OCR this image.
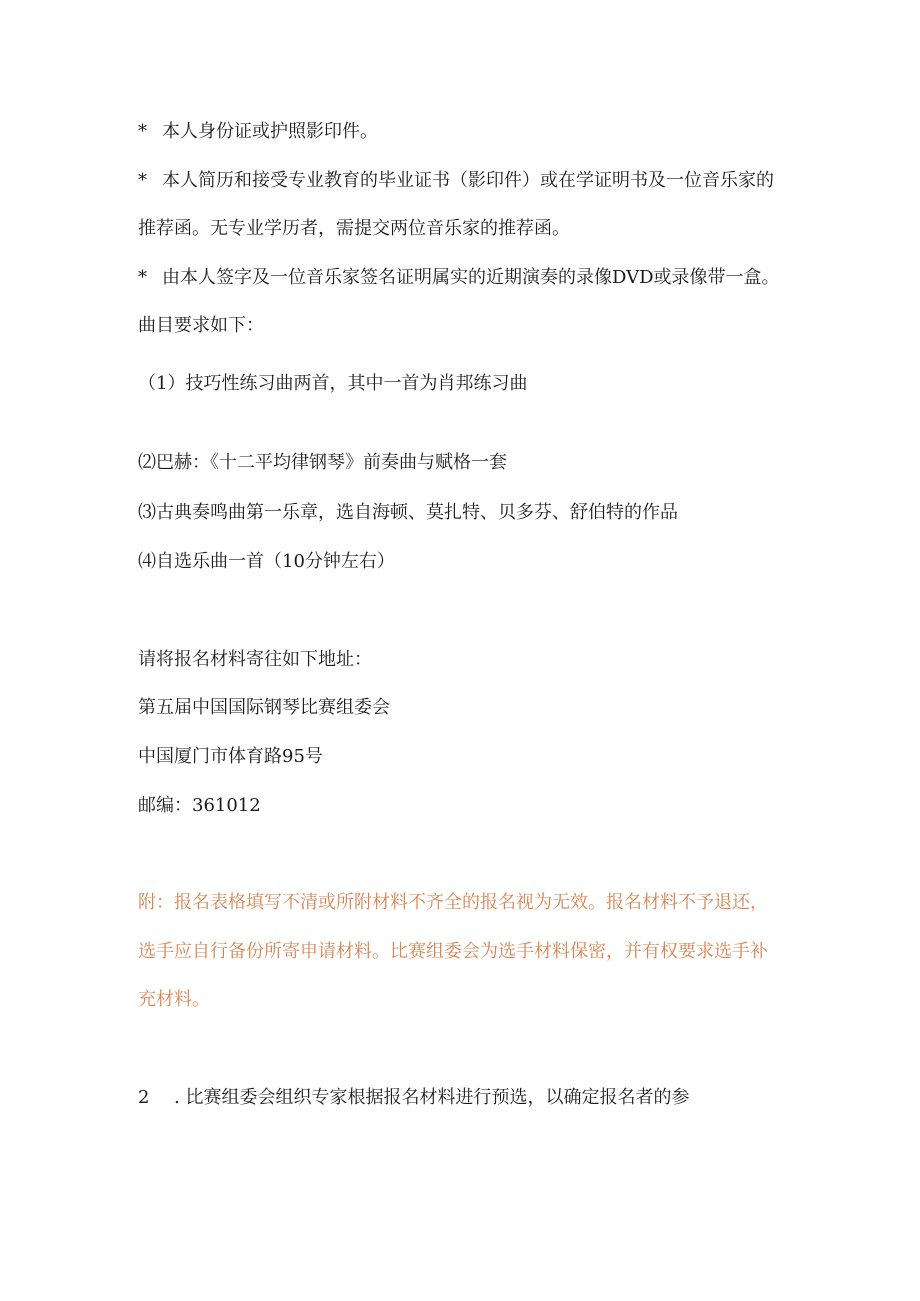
* 本人身份证或护照影印件。
* 本人简历和接受专业教育的毕业证书（影印件）或在学证明书及一位音乐家的
推荐函。无专业学历者，需提交两位音乐家的推荐函。
* 由本人签字及一位音乐家签名证明属实的近期演奏的录像DVD或录像带一盒。
曲目要求如下：
（1）技巧性练习曲两首，其中一首为肖邦练习曲
⑵巴赫：《十二平均律钢琴》前奏曲与赋格一套
⑶古典奏鸣曲第一乐章，选自海顿、莫扎特、贝多芬、舒伯特的作品
⑷自选乐曲一首（10分钟左右）
请将报名材料寄往如下地址：
第五届中国国际钢琴比赛组委会
中国厦门市体育路95号
邮编：361012
附：报名表格填写不清或所附材料不齐全的报名视为无效。报名材料不予退还，
选手应自行备份所寄申请材料。比赛组委会为选手材料保密，并有权要求选手补
充材料。
2 . 比赛组委会组织专家根据报名材料进行预选，以确定报名者的参
